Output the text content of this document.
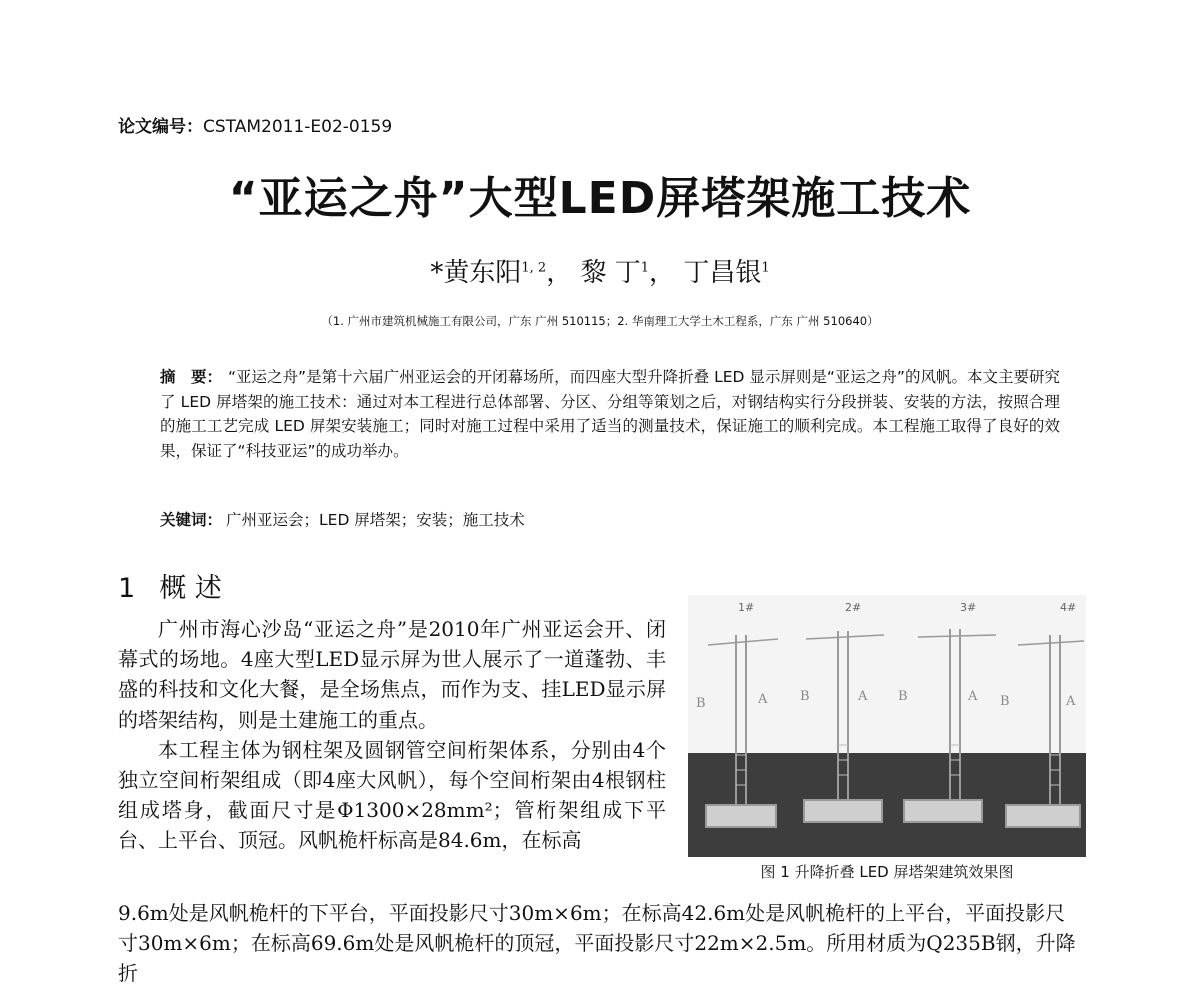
论文编号：CSTAM2011-E02-0159
“亚运之舟”大型LED屏塔架施工技术
*黄东阳$^{1, 2}$， 黎 丁$^1$， 丁昌银$^1$
（1. 广州市建筑机械施工有限公司，广东 广州 510115；2. 华南理工大学土木工程系，广东 广州 510640）
摘　要： “亚运之舟”是第十六届广州亚运会的开闭幕场所，而四座大型升降折叠 LED 显示屏则是“亚运之舟”的风帆。本文主要研究了 LED 屏塔架的施工技术：通过对本工程进行总体部署、分区、分组等策划之后，对钢结构实行分段拼装、安装的方法，按照合理的施工工艺完成 LED 屏架安装施工；同时对施工过程中采用了适当的测量技术，保证施工的顺利完成。本工程施工取得了良好的效果，保证了“科技亚运”的成功举办。
关键词： 广州亚运会；LED 屏塔架；安装；施工技术
1 概 述

广州市海心沙岛“亚运之舟”是2010年广州亚运会开、闭幕式的场地。4座大型LED显示屏为世人展示了一道蓬勃、丰盛的科技和文化大餐，是全场焦点，而作为支、挂LED显示屏的塔架结构，则是土建施工的重点。

本工程主体为钢柱架及圆钢管空间桁架体系，分别由4个独立空间桁架组成（即4座大风帆），每个空间桁架由4根钢柱组成塔身，截面尺寸是Φ1300×28mm²；管桁架组成下平台、上平台、顶冠。风帆桅杆标高是84.6m，在标高

1#	2#	3#	4#
B	A	B	A B	A B	A
图 1 升降折叠 LED 屏塔架建筑效果图
9.6m处是风帆桅杆的下平台，平面投影尺寸30m×6m；在标高42.6m处是风帆桅杆的上平台，平面投影尺寸30m×6m；在标高69.6m处是风帆桅杆的顶冠，平面投影尺寸22m×2.5m。所用材质为Q235B钢，升降折
